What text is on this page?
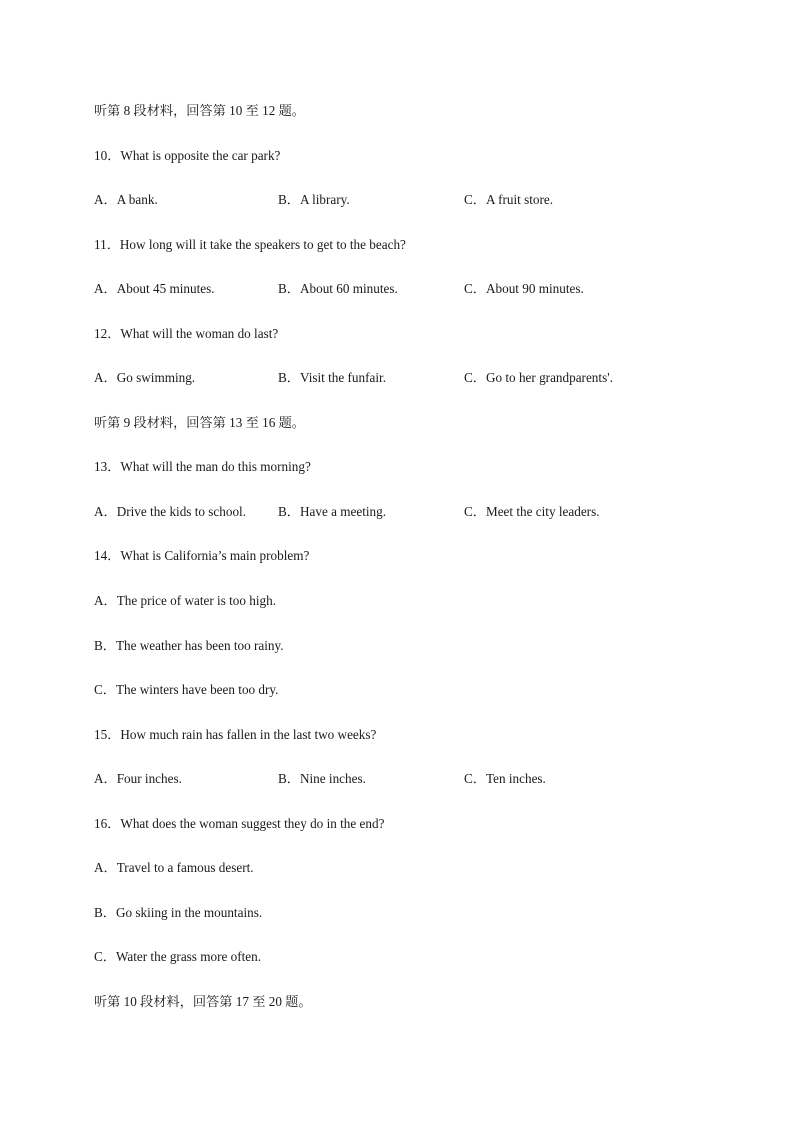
听第 8 段材料，回答第 10 至 12 题。
10．What is opposite the car park?
A．A bank.	B．A library.	C．A fruit store.
11．How long will it take the speakers to get to the beach?
A．About 45 minutes.	B．About 60 minutes.	C．About 90 minutes.
12．What will the woman do last?
A．Go swimming.	B．Visit the funfair.	C．Go to her grandparents'.
听第 9 段材料，回答第 13 至 16 题。
13．What will the man do this morning?
A．Drive the kids to school. B．Have a meeting.	C．Meet the city leaders.
14．What is California’s main problem?
A．The price of water is too high.
B．The weather has been too rainy.
C．The winters have been too dry.
15．How much rain has fallen in the last two weeks?
A．Four inches.	B．Nine inches.	C．Ten inches.
16．What does the woman suggest they do in the end?
A．Travel to a famous desert.
B．Go skiing in the mountains.
C．Water the grass more often.
听第 10 段材料，回答第 17 至 20 题。
